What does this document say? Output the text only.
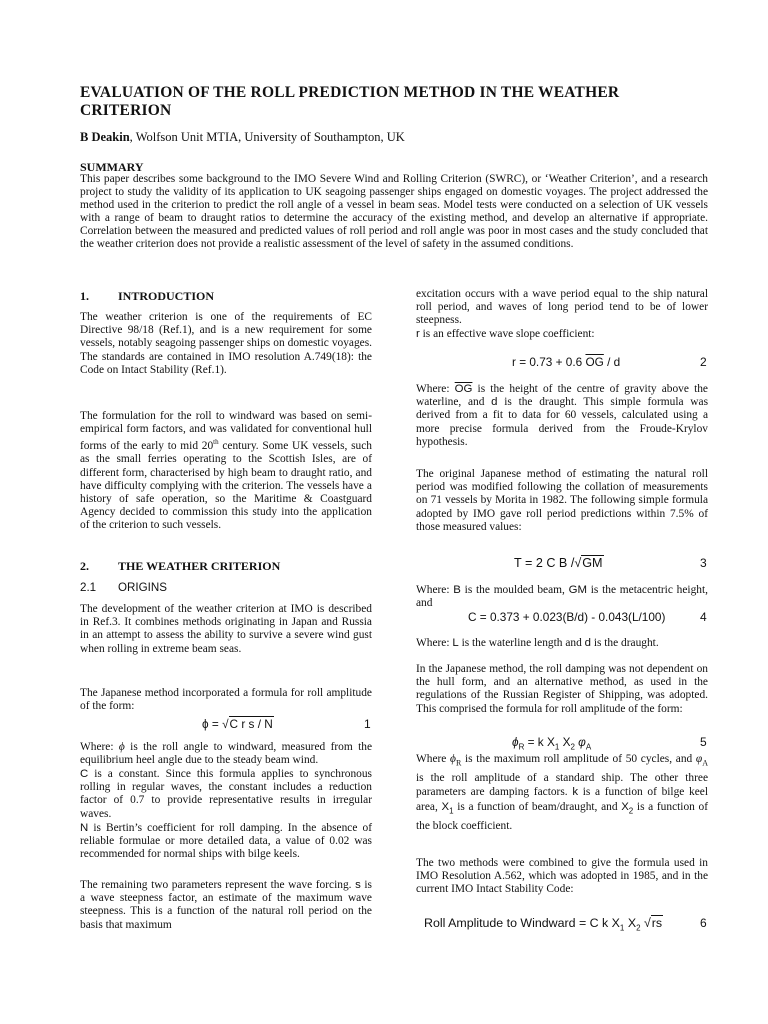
EVALUATION OF THE ROLL PREDICTION METHOD IN THE WEATHER CRITERION
B Deakin, Wolfson Unit MTIA, University of Southampton, UK
SUMMARY
This paper describes some background to the IMO Severe Wind and Rolling Criterion (SWRC), or ‘Weather Criterion’, and a research project to study the validity of its application to UK seagoing passenger ships engaged on domestic voyages. The project addressed the method used in the criterion to predict the roll angle of a vessel in beam seas. Model tests were conducted on a selection of UK vessels with a range of beam to draught ratios to determine the accuracy of the existing method, and develop an alternative if appropriate. Correlation between the measured and predicted values of roll period and roll angle was poor in most cases and the study concluded that the weather criterion does not provide a realistic assessment of the level of safety in the assumed conditions.
1. INTRODUCTION

The weather criterion is one of the requirements of EC Directive 98/18 (Ref.1), and is a new requirement for some vessels, notably seagoing passenger ships on domestic voyages. The standards are contained in IMO resolution A.749(18): the Code on Intact Stability (Ref.1).

The formulation for the roll to windward was based on semi-empirical form factors, and was validated for conventional hull forms of the early to mid 20th century. Some UK vessels, such as the small ferries operating to the Scottish Isles, are of different form, characterised by high beam to draught ratio, and have difficulty complying with the criterion. The vessels have a history of safe operation, so the Maritime & Coastguard Agency decided to commission this study into the application of the criterion to such vessels.

2. THE WEATHER CRITERION
2.1 ORIGINS

The development of the weather criterion at IMO is described in Ref.3. It combines methods originating in Japan and Russia in an attempt to assess the ability to survive a severe wind gust when rolling in extreme beam seas.

The Japanese method incorporated a formula for roll amplitude of the form:

ϕ = √C r s / N	1

Where: ϕ is the roll angle to windward, measured from the equilibrium heel angle due to the steady beam wind.

C is a constant. Since this formula applies to synchronous rolling in regular waves, the constant includes a reduction factor of 0.7 to provide representative results in irregular waves.

N is Bertin’s coefficient for roll damping. In the absence of reliable formulae or more detailed data, a value of 0.02 was recommended for normal ships with bilge keels.

The remaining two parameters represent the wave forcing. s is a wave steepness factor, an estimate of the maximum wave steepness. This is a function of the natural roll period on the basis that maximum

excitation occurs with a wave period equal to the ship natural roll period, and waves of long period tend to be of lower steepness.

r is an effective wave slope coefficient:

r = 0.73 + 0.6 $\overline{OG}$ / d	2

Where: $\overline{OG}$ is the height of the centre of gravity above the waterline, and d is the draught. This simple formula was derived from a fit to data for 60 vessels, calculated using a more precise formula derived from the Froude-Krylov hypothesis.

The original Japanese method of estimating the natural roll period was modified following the collation of measurements on 71 vessels by Morita in 1982. The following simple formula adopted by IMO gave roll period predictions within 7.5% of those measured values:

T = 2 C B /√GM	3

Where: B is the moulded beam, GM is the metacentric height, and

C = 0.373 + 0.023(B/d) - 0.043(L/100)	4

Where: L is the waterline length and d is the draught.

In the Japanese method, the roll damping was not dependent on the hull form, and an alternative method, as used in the regulations of the Russian Register of Shipping, was adopted. This comprised the formula for roll amplitude of the form:

$\phi_R = k$ $X_1$ $X_2$ $\varphi_A$	5

Where $\phi_R$ is the maximum roll amplitude of 50 cycles, and $\varphi_A$ is the roll amplitude of a standard ship. The other three parameters are damping factors. k is a function of bilge keel area, $X_1$ is a function of beam/draught, and $X_2$ is a function of the block coefficient.

The two methods were combined to give the formula used in IMO Resolution A.562, which was adopted in 1985, and in the current IMO Intact Stability Code:

Roll Amplitude to Windward = C k $X_1$ $X_2$ √rs	6
